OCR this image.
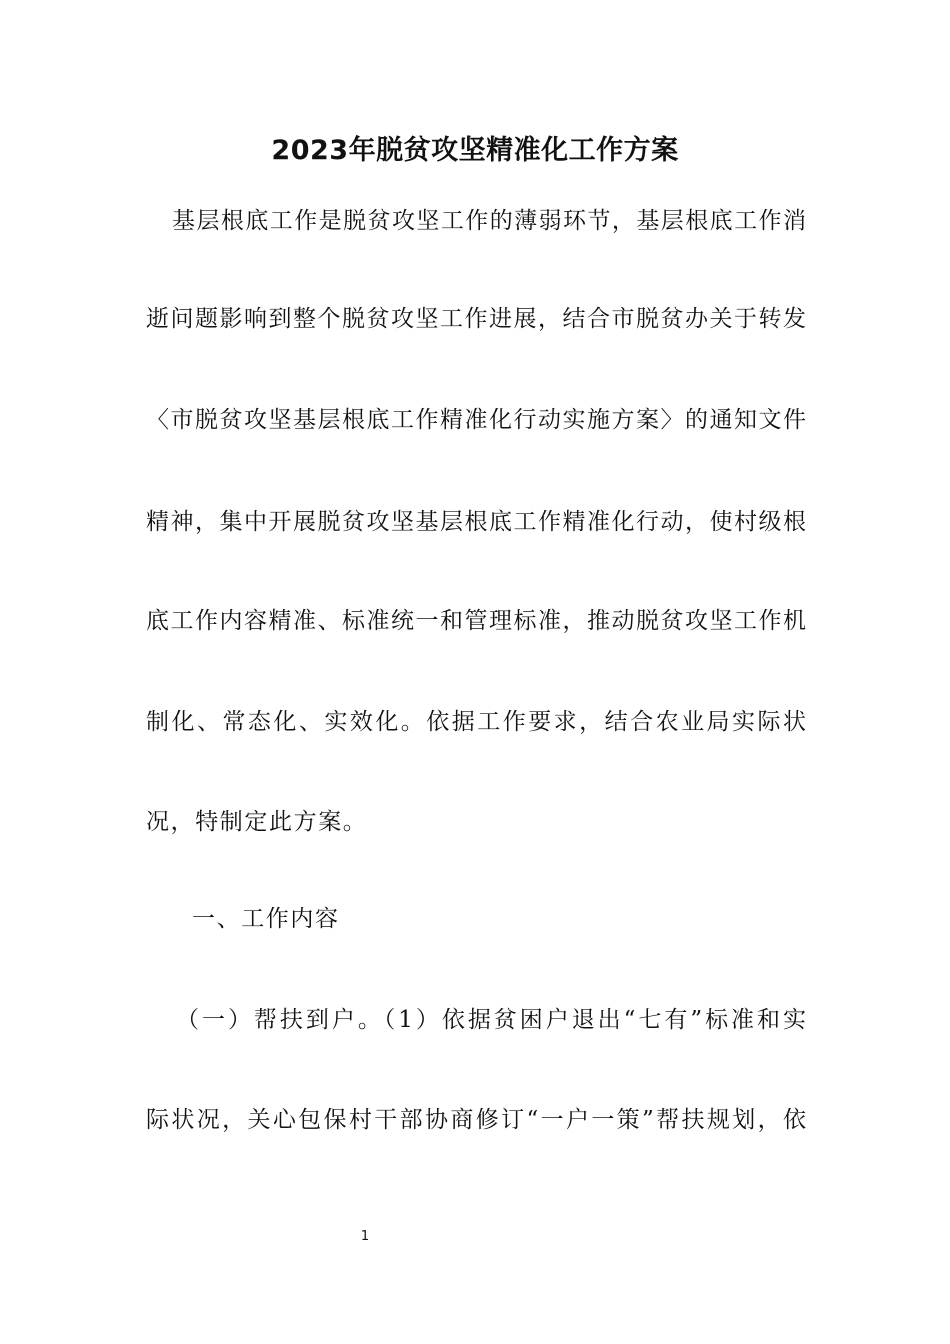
2023年脱贫攻坚精准化工作方案

基层根底工作是脱贫攻坚工作的薄弱环节，基层根底工作消

逝问题影响到整个脱贫攻坚工作进展，结合市脱贫办关于转发

〈市脱贫攻坚基层根底工作精准化行动实施方案〉的通知文件

精神，集中开展脱贫攻坚基层根底工作精准化行动，使村级根

底工作内容精准、标准统一和管理标准，推动脱贫攻坚工作机

制化、常态化、实效化。依据工作要求，结合农业局实际状

况，特制定此方案。

一、工作内容

（一）帮扶到户。（1）依据贫困户退出“七有”标准和实

际状况，关心包保村干部协商修订“一户一策”帮扶规划，依

1
